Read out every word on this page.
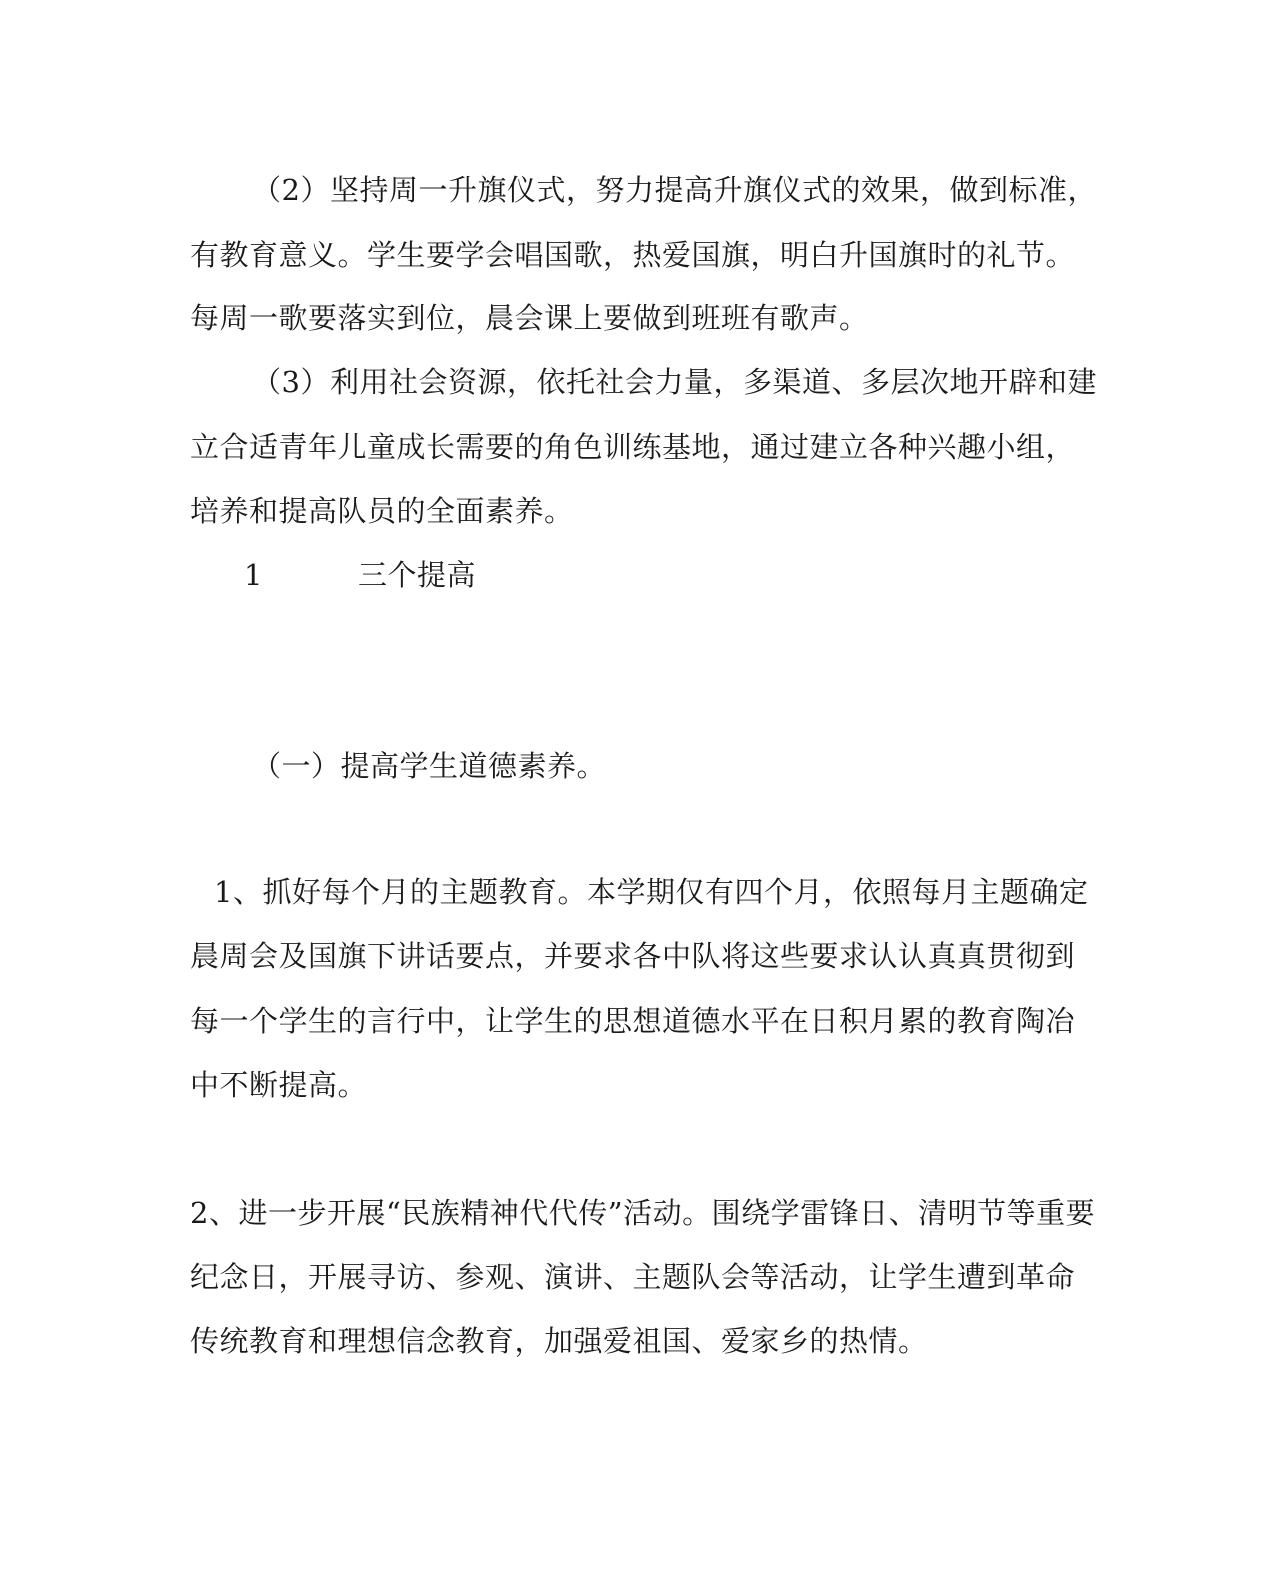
（2）坚持周一升旗仪式，努力提高升旗仪式的效果，做到标准，
有教育意义。学生要学会唱国歌，热爱国旗，明白升国旗时的礼节。
每周一歌要落实到位，晨会课上要做到班班有歌声。
（3）利用社会资源，依托社会力量，多渠道、多层次地开辟和建
立合适青年儿童成长需要的角色训练基地，通过建立各种兴趣小组，
培养和提高队员的全面素养。
1	三个提高
（一）提高学生道德素养。
1、抓好每个月的主题教育。本学期仅有四个月，依照每月主题确定
晨周会及国旗下讲话要点，并要求各中队将这些要求认认真真贯彻到
每一个学生的言行中，让学生的思想道德水平在日积月累的教育陶冶
中不断提高。
2、进一步开展“民族精神代代传”活动。围绕学雷锋日、清明节等重要
纪念日，开展寻访、参观、演讲、主题队会等活动，让学生遭到革命
传统教育和理想信念教育，加强爱祖国、爱家乡的热情。
